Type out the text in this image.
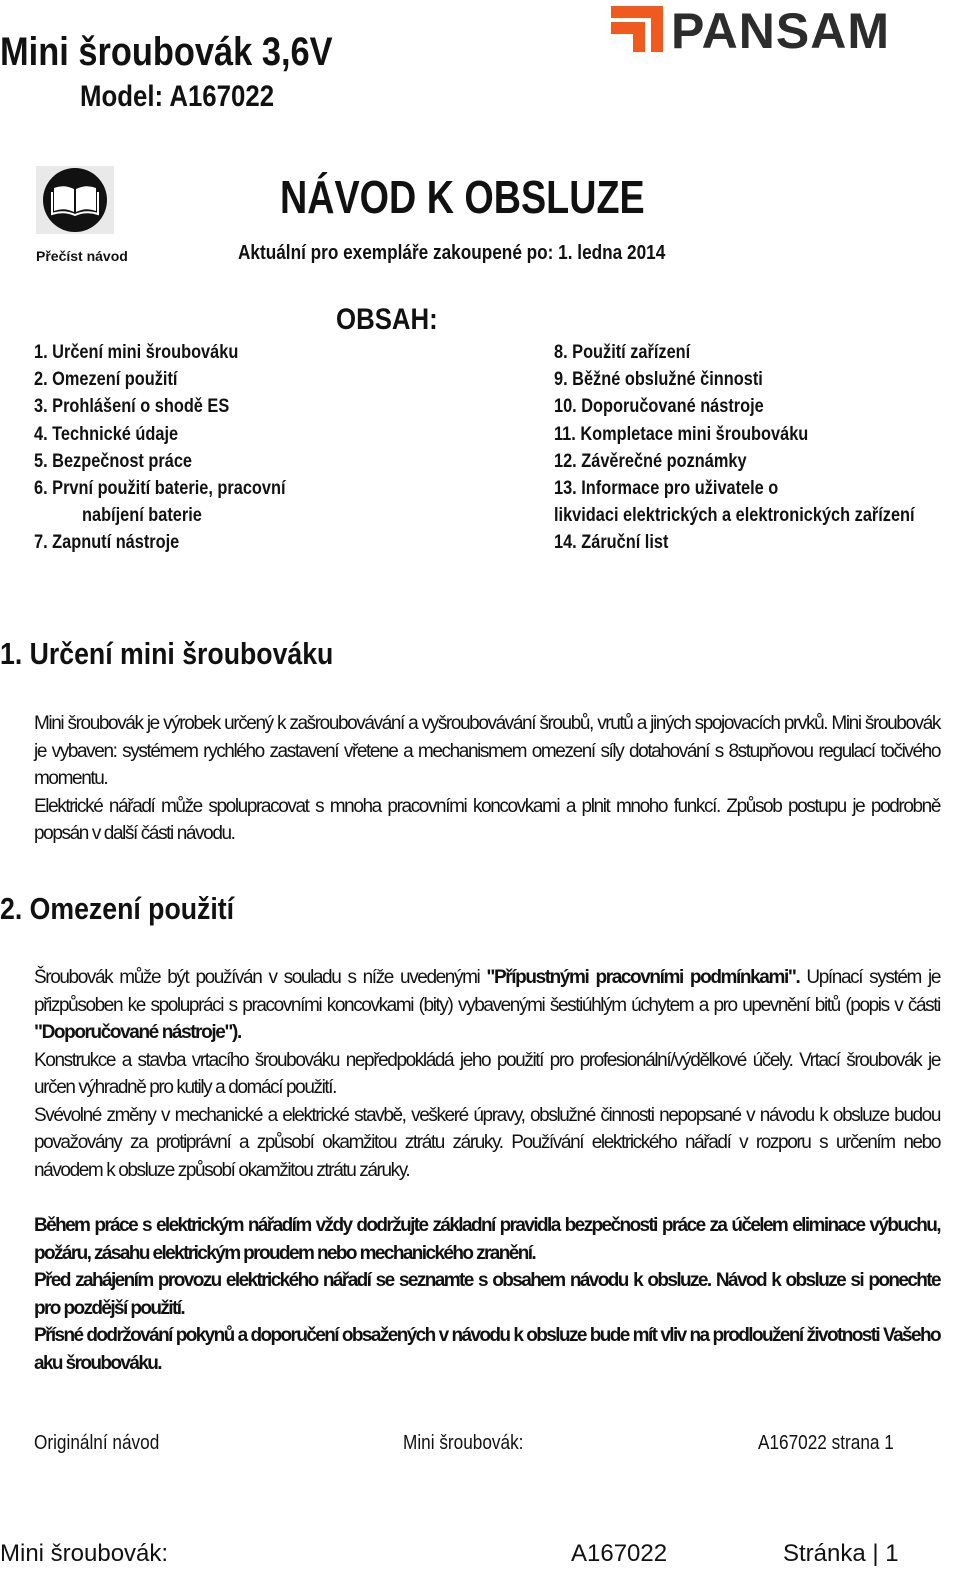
Mini šroubovák 3,6V
Model: A167022
PANSAM
Přečíst návod
NÁVOD K OBSLUZE
Aktuální pro exempláře zakoupené po: 1. ledna 2014
OBSAH:
1. Určení mini šroubováku
2. Omezení použití
3. Prohlášení o shodě ES
4. Technické údaje
5. Bezpečnost práce
6. První použití baterie, pracovní
nabíjení baterie
7. Zapnutí nástroje
8. Použití zařízení
9. Běžné obslužné činnosti
10. Doporučované nástroje
11. Kompletace mini šroubováku
12. Závěrečné poznámky
13. Informace pro uživatele o
likvidaci elektrických a elektronických zařízení
14. Záruční list
1. Určení mini šroubováku
Mini šroubovák je výrobek určený k zašroubovávání a vyšroubovávání šroubů, vrutů a jiných spojovacích prvků. Mini šroubovák je vybaven: systémem rychlého zastavení vřetene a mechanismem omezení síly dotahování s 8stupňovou regulací točivého momentu.
Elektrické nářadí může spolupracovat s mnoha pracovními koncovkami a plnit mnoho funkcí. Způsob postupu je podrobně popsán v další části návodu.
2. Omezení použití
Šroubovák může být používán v souladu s níže uvedenými "Přípustnými pracovními podmínkami". Upínací systém je přizpůsoben ke spolupráci s pracovními koncovkami (bity) vybavenými šestiúhlým úchytem a pro upevnění bitů (popis v části "Doporučované nástroje").
Konstrukce a stavba vrtacího šroubováku nepředpokládá jeho použití pro profesionální/výdělkové účely. Vrtací šroubovák je určen výhradně pro kutily a domácí použití.
Svévolné změny v mechanické a elektrické stavbě, veškeré úpravy, obslužné činnosti nepopsané v návodu k obsluze budou považovány za protiprávní a způsobí okamžitou ztrátu záruky. Používání elektrického nářadí v rozporu s určením nebo návodem k obsluze způsobí okamžitou ztrátu záruky.
Během práce s elektrickým nářadím vždy dodržujte základní pravidla bezpečnosti práce za účelem eliminace výbuchu, požáru, zásahu elektrickým proudem nebo mechanického zranění.
Před zahájením provozu elektrického nářadí se seznamte s obsahem návodu k obsluze. Návod k obsluze si ponechte pro pozdější použití.
Přísné dodržování pokynů a doporučení obsažených v návodu k obsluze bude mít vliv na prodloužení životnosti Vašeho aku šroubováku.
Originální návod	Mini šroubovák:	A167022 strana 1
Mini šroubovák:	A167022	Stránka | 1
